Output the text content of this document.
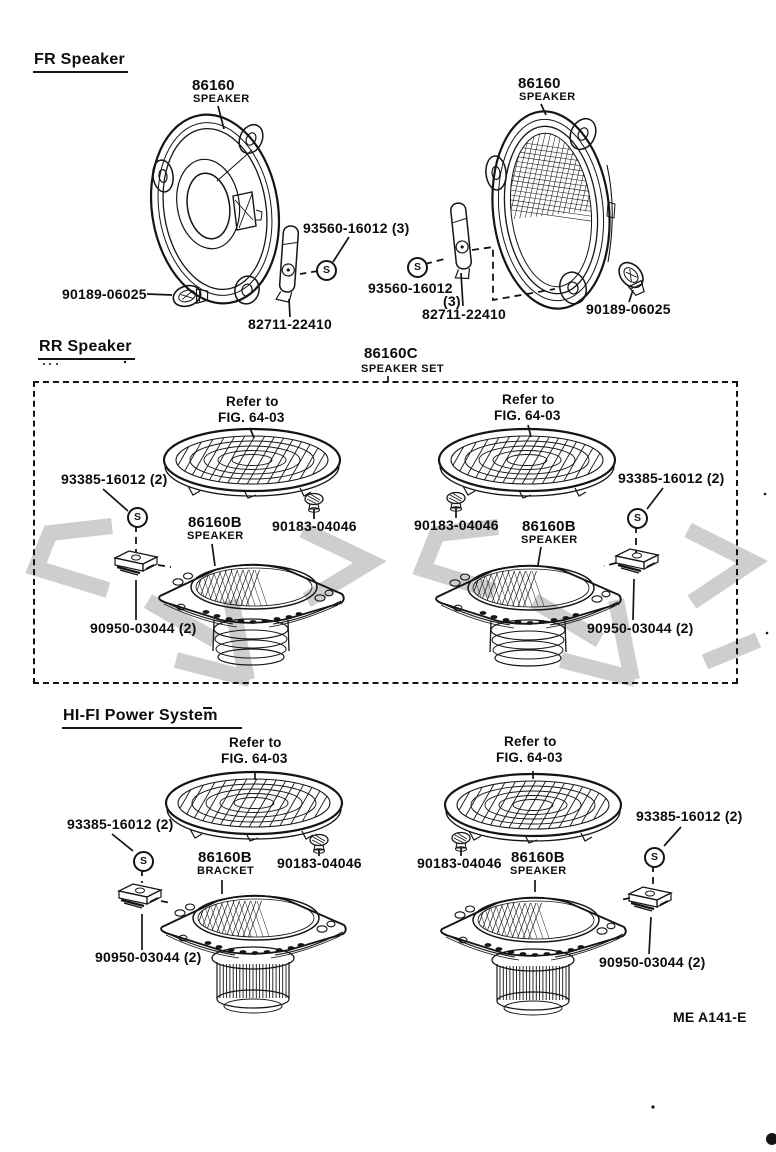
FR Speaker
RR Speaker
HI-FI Power System
86160
SPEAKER
86160
SPEAKER
93560-16012 (3)
93560-16012
(3)
90189-06025
90189-06025
82711-22410
82711-22410
86160C
SPEAKER SET
Refer to
FIG. 64-03
Refer to
FIG. 64-03
93385-16012 (2)	93385-16012 (2)
86160B
SPEAKER
86160B
SPEAKER
90183-04046	90183-04046
90950-03044 (2)	90950-03044 (2)
Refer to
FIG. 64-03
Refer to
FIG. 64-03
93385-16012 (2)	93385-16012 (2)
86160B
BRACKET
86160B
SPEAKER
90183-04046	90183-04046
90950-03044 (2)	90950-03044 (2)
ME A141-E
S	S
S	S
S	S
